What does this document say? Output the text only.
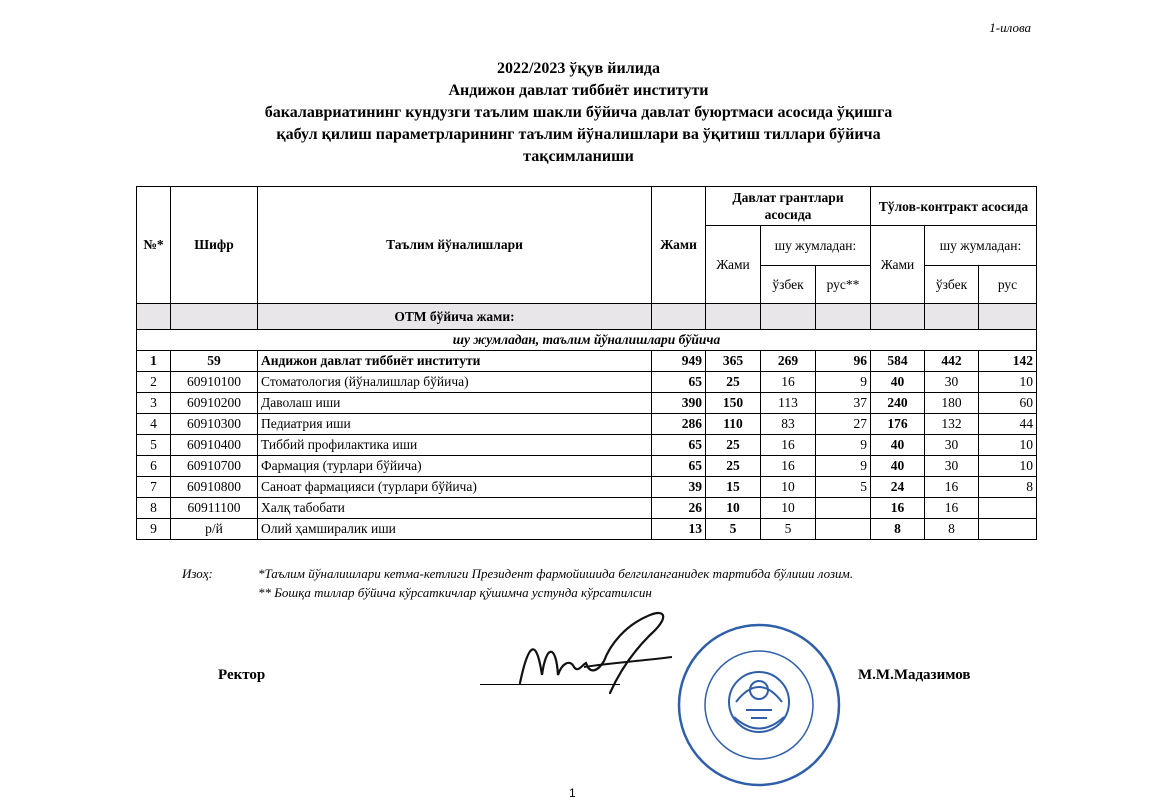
1-илова
2022/2023 ўқув йилида
Андижон давлат тиббиёт институти
бакалавриатининг кундузги таълим шакли бўйича давлат буюртмаси асосида ўқишга
қабул қилиш параметрларининг таълим йўналишлари ва ўқитиш тиллари бўйича
тақсимланиши
№*	Шифр	Таълим йўналишлари	Жами	Давлат грантлари асосида			Тўлов-контракт асосида		
				Жами	шу жумладан:		Жами	шу жумладан:	
					ўзбек	рус**		ўзбек	рус
		ОТМ бўйича жами:							
шу жумладан, таълим йўналишлари бўйича									
1	59	Андижон давлат тиббиёт институти	949	365	269	96	584	442	142
2	60910100	Стоматология (йўналишлар бўйича)	65	25	16	9	40	30	10
3	60910200	Даволаш иши	390	150	113	37	240	180	60
4	60910300	Педиатрия иши	286	110	83	27	176	132	44
5	60910400	Тиббий профилактика иши	65	25	16	9	40	30	10
6	60910700	Фармация (турлари бўйича)	65	25	16	9	40	30	10
7	60910800	Саноат фармацияси (турлари бўйича)	39	15	10	5	24	16	8
8	60911100	Халқ табобати	26	10	10		16	16	
9	р/й	Олий ҳамширалик иши	13	5	5		8	8	
Изоҳ:	*Таълим йўналишлари кетма-кетлиги Президент фармойишида белгиланганидек тартибда бўлиши лозим.
** Бошқа тиллар бўйича кўрсаткичлар қўшимча устунда кўрсатилсин
Ректор	М.М.Мадазимов
1
